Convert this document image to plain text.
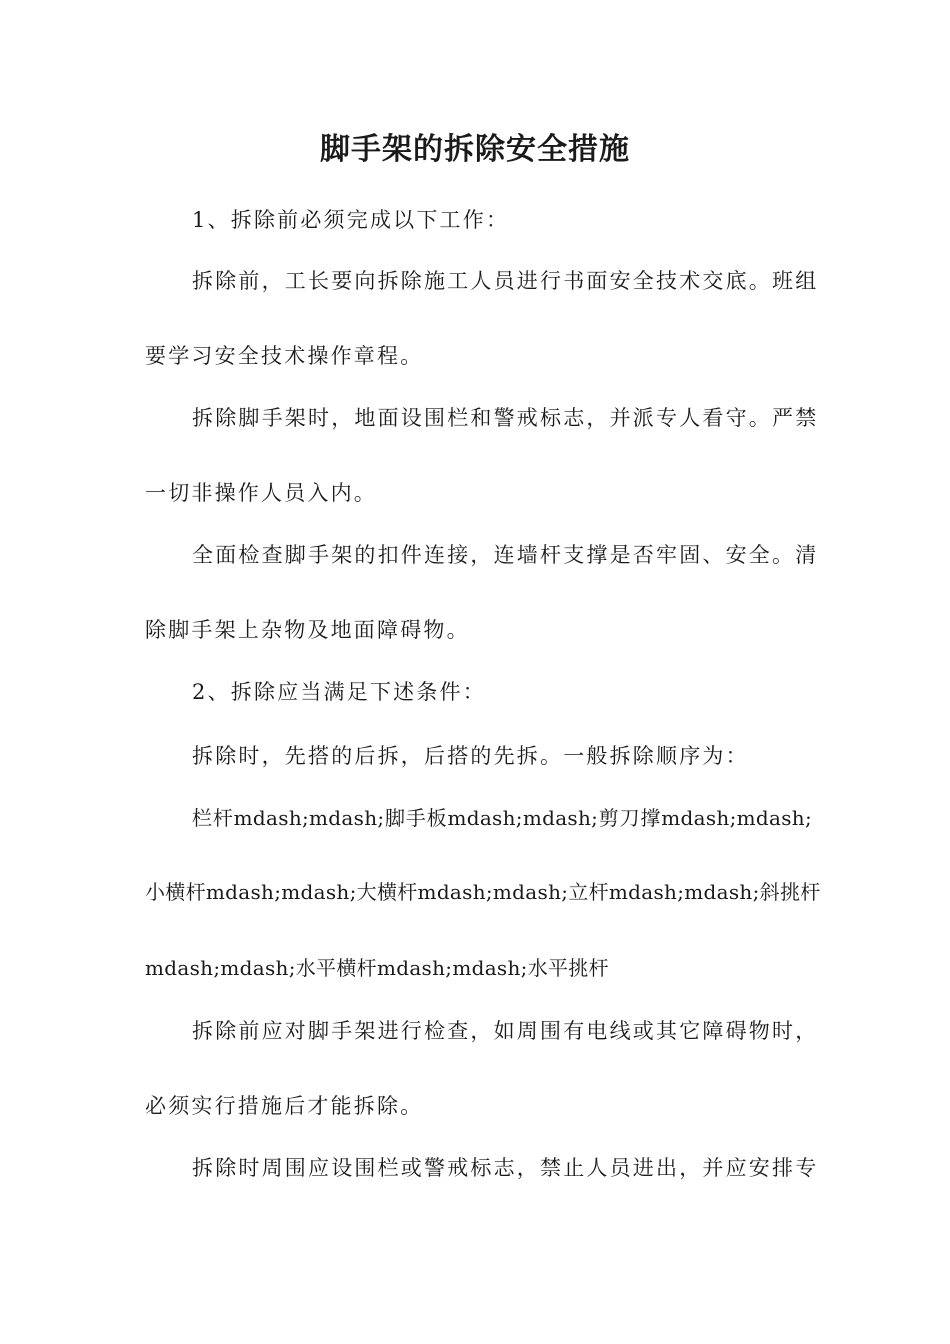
脚手架的拆除安全措施

1、拆除前必须完成以下工作：

拆除前，工长要向拆除施工人员进行书面安全技术交底。班组

要学习安全技术操作章程。

拆除脚手架时，地面设围栏和警戒标志，并派专人看守。严禁

一切非操作人员入内。

全面检查脚手架的扣件连接，连墙杆支撑是否牢固、安全。清

除脚手架上杂物及地面障碍物。

2、拆除应当满足下述条件：

拆除时，先搭的后拆，后搭的先拆。一般拆除顺序为：

栏杆mdash;mdash;脚手板mdash;mdash;剪刀撑mdash;mdash;

小横杆mdash;mdash;大横杆mdash;mdash;立杆mdash;mdash;斜挑杆

mdash;mdash;水平横杆mdash;mdash;水平挑杆

拆除前应对脚手架进行检查，如周围有电线或其它障碍物时，

必须实行措施后才能拆除。

拆除时周围应设围栏或警戒标志，禁止人员进出，并应安排专
